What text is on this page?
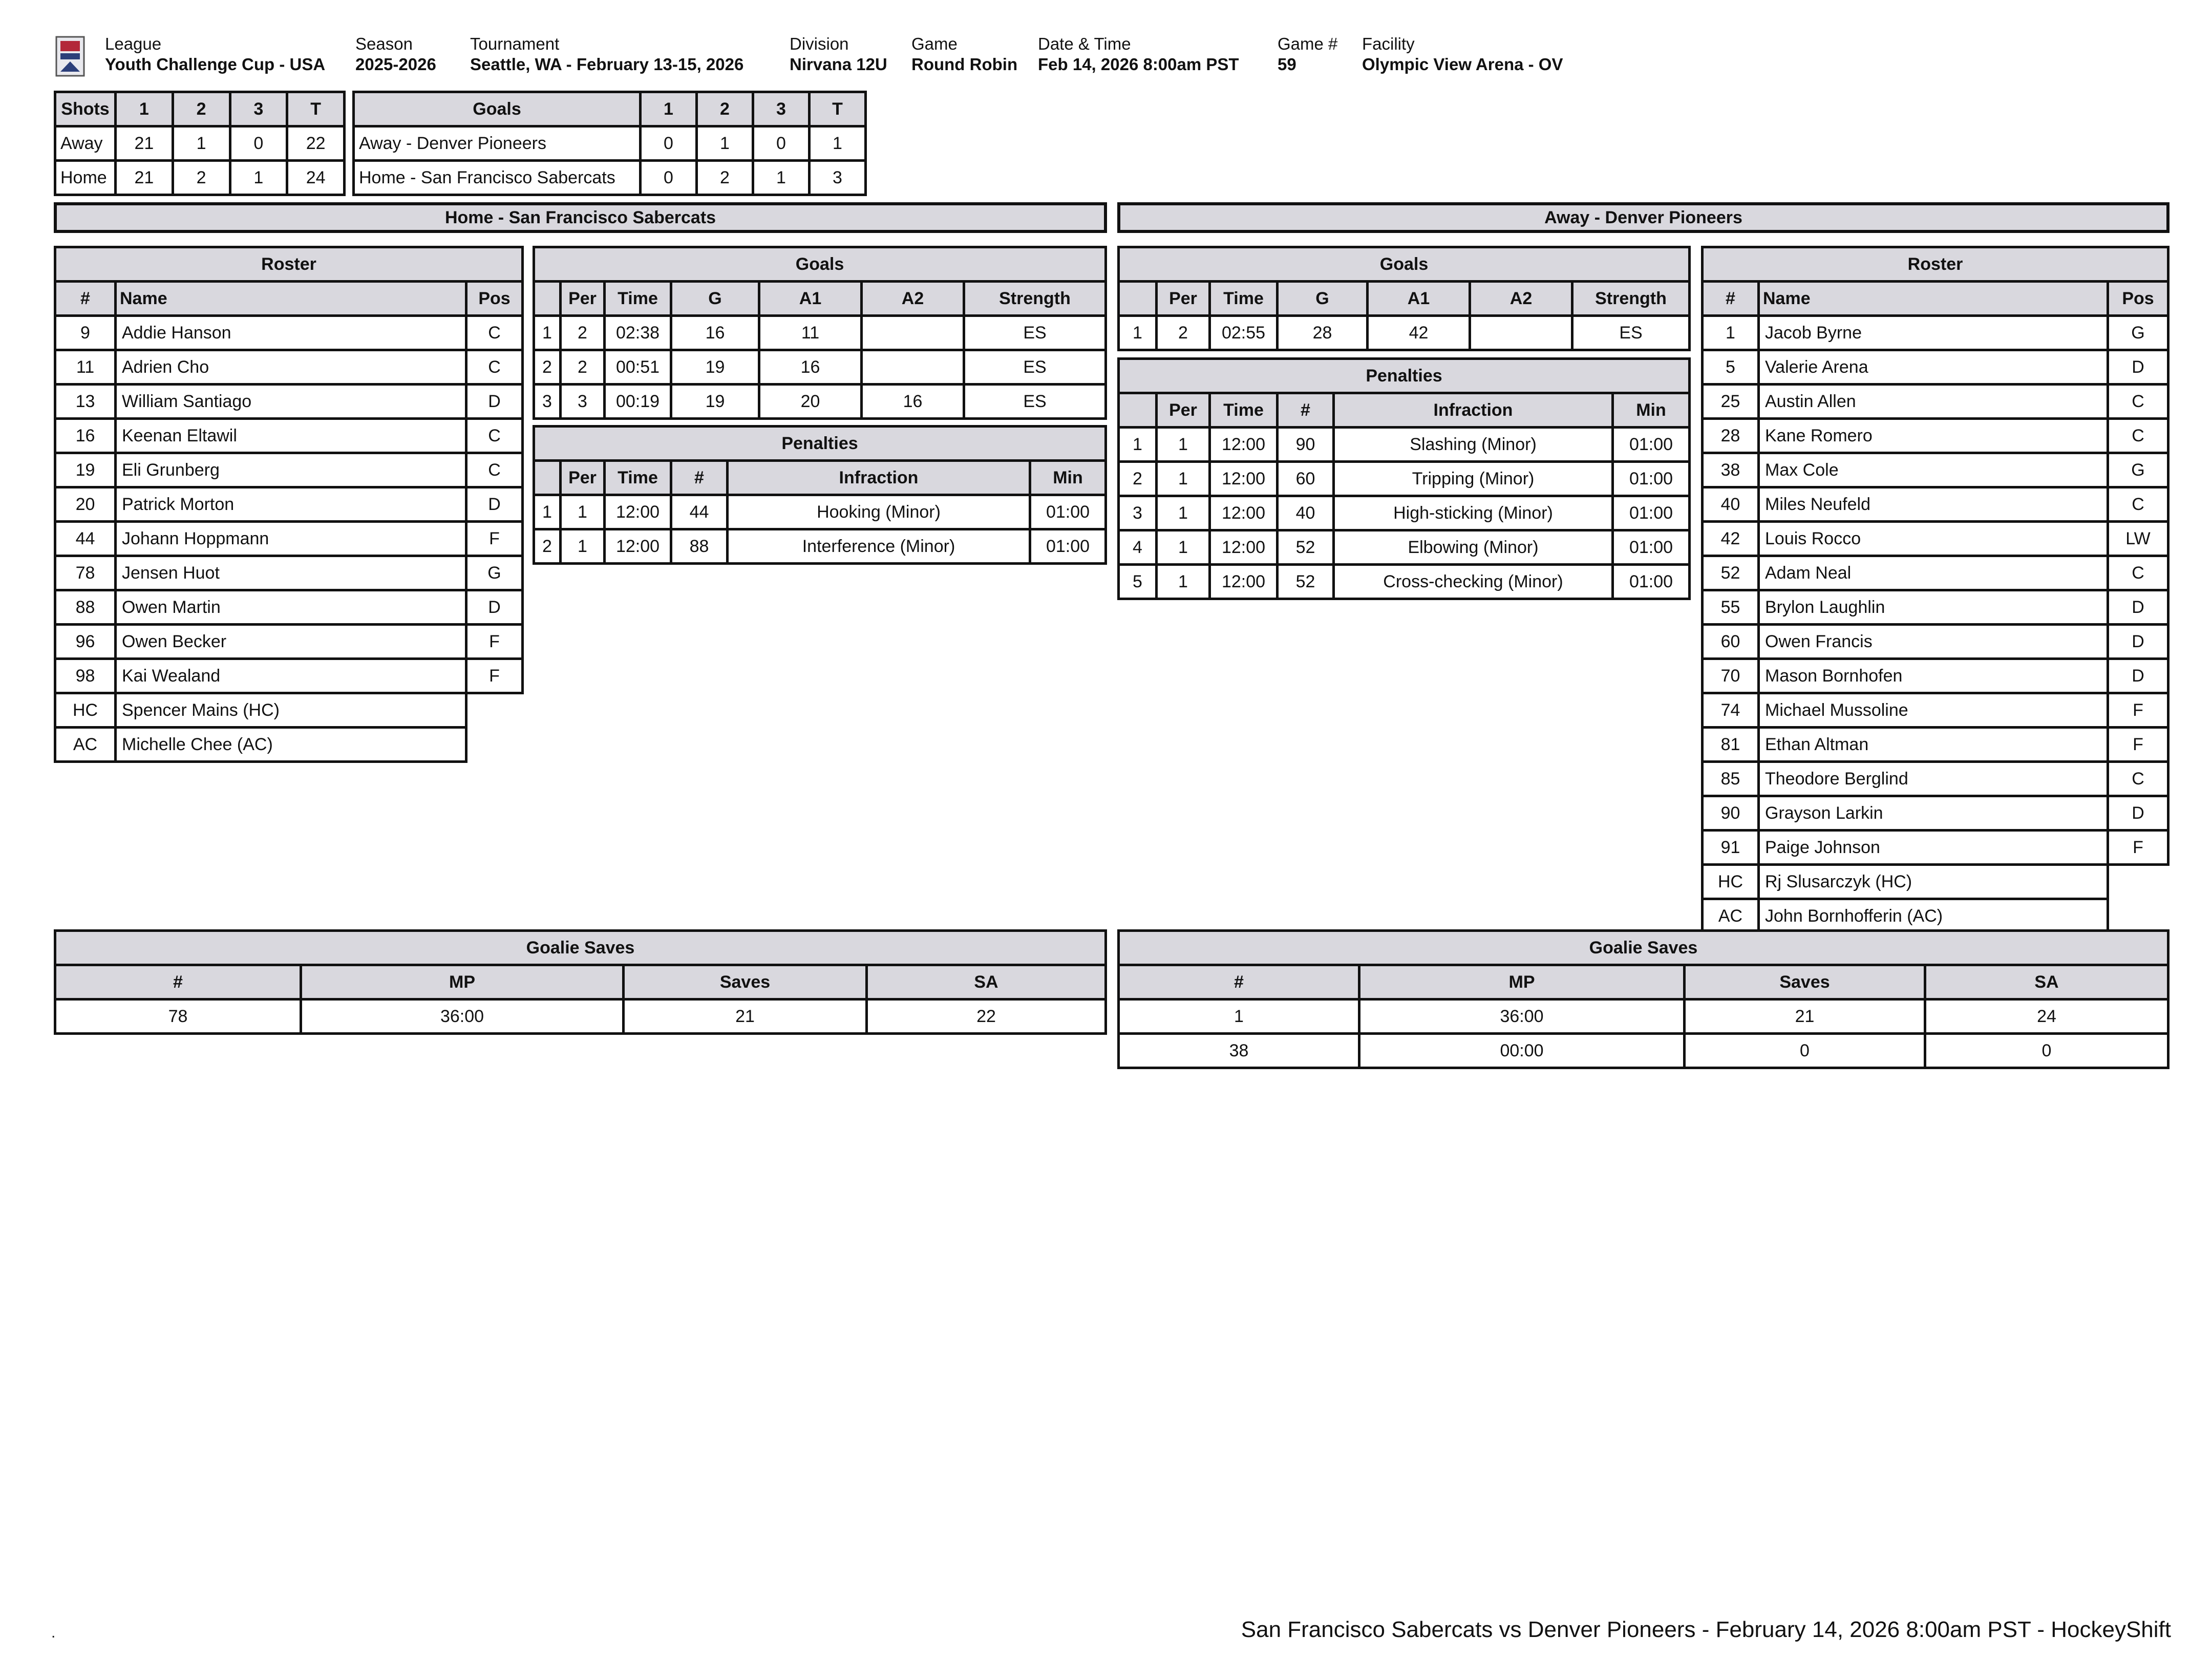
League
Youth Challenge Cup - USA
Season
2025-2026
Tournament
Seattle, WA - February 13-15, 2026
Division
Nirvana 12U
Game
Round Robin
Date & Time
Feb 14, 2026 8:00am PST
Game #
59
Facility
Olympic View Arena - OV
Shots	1	2	3	T
Away	21	1	0	22
Home	21	2	1	24
Goals	1	2	3	T
Away - Denver Pioneers	0	1	0	1
Home - San Francisco Sabercats	0	2	1	3
Home - San Francisco Sabercats	Away - Denver Pioneers
Roster		
#	Name	Pos
9	Addie Hanson	C
11	Adrien Cho	C
13	William Santiago	D
16	Keenan Eltawil	C
19	Eli Grunberg	C
20	Patrick Morton	D
44	Johann Hoppmann	F
78	Jensen Huot	G
88	Owen Martin	D
96	Owen Becker	F
98	Kai Wealand	F
HC	Spencer Mains (HC)	
AC	Michelle Chee (AC)	
Goals						
	Per	Time	G	A1	A2	Strength
1	2	02:38	16	11		ES
2	2	00:51	19	16		ES
3	3	00:19	19	20	16	ES
Penalties					
	Per	Time	#	Infraction	Min
1	1	12:00	44	Hooking (Minor)	01:00
2	1	12:00	88	Interference (Minor)	01:00
Goals						
	Per	Time	G	A1	A2	Strength
1	2	02:55	28	42		ES
Penalties					
	Per	Time	#	Infraction	Min
1	1	12:00	90	Slashing (Minor)	01:00
2	1	12:00	60	Tripping (Minor)	01:00
3	1	12:00	40	High-sticking (Minor)	01:00
4	1	12:00	52	Elbowing (Minor)	01:00
5	1	12:00	52	Cross-checking (Minor)	01:00
Roster		
#	Name	Pos
1	Jacob Byrne	G
5	Valerie Arena	D
25	Austin Allen	C
28	Kane Romero	C
38	Max Cole	G
40	Miles Neufeld	C
42	Louis Rocco	LW
52	Adam Neal	C
55	Brylon Laughlin	D
60	Owen Francis	D
70	Mason Bornhofen	D
74	Michael Mussoline	F
81	Ethan Altman	F
85	Theodore Berglind	C
90	Grayson Larkin	D
91	Paige Johnson	F
HC	Rj Slusarczyk (HC)	
AC	John Bornhofferin (AC)	
Goalie Saves			
#	MP	Saves	SA
78	36:00	21	22
Goalie Saves			
#	MP	Saves	SA
1	36:00	21	24
38	00:00	0	0
.	San Francisco Sabercats vs Denver Pioneers - February 14, 2026 8:00am PST - HockeyShift
